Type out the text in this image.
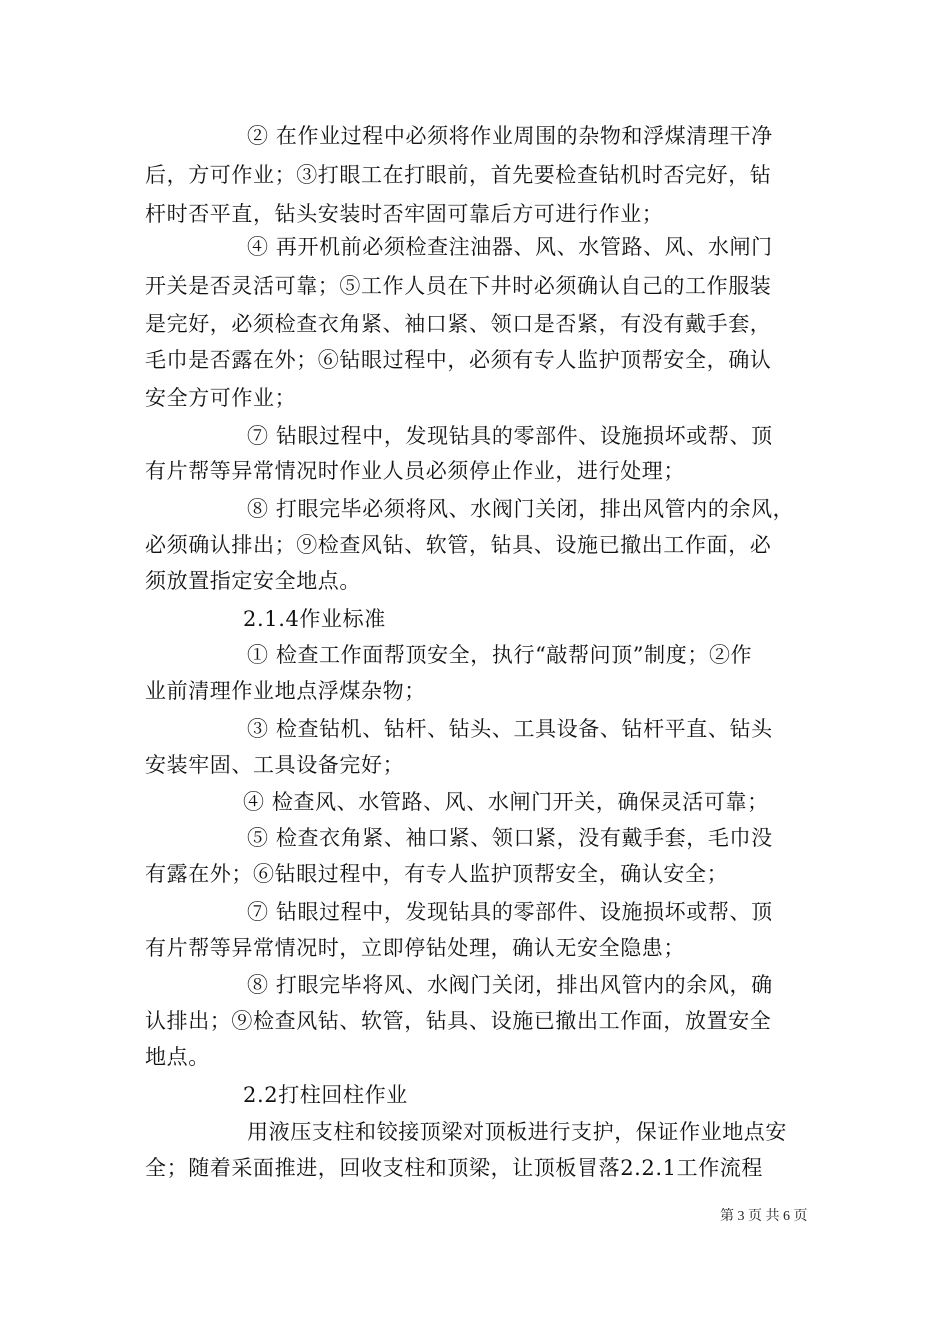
② 在作业过程中必须将作业周围的杂物和浮煤清理干净
后，方可作业；③打眼工在打眼前，首先要检查钻机时否完好，钻
杆时否平直，钻头安装时否牢固可靠后方可进行作业；
④ 再开机前必须检查注油器、风、水管路、风、水闸门
开关是否灵活可靠；⑤工作人员在下井时必须确认自己的工作服装
是完好，必须检查衣角紧、袖口紧、领口是否紧，有没有戴手套，
毛巾是否露在外；⑥钻眼过程中，必须有专人监护顶帮安全，确认
安全方可作业；
⑦ 钻眼过程中，发现钻具的零部件、设施损坏或帮、顶
有片帮等异常情况时作业人员必须停止作业，进行处理；
⑧ 打眼完毕必须将风、水阀门关闭，排出风管内的余风，
必须确认排出；⑨检查风钻、软管，钻具、设施已撤出工作面，必
须放置指定安全地点。
2.1.4作业标准
① 检查工作面帮顶安全，执行“敲帮问顶”制度；②作
业前清理作业地点浮煤杂物；
③ 检查钻机、钻杆、钻头、工具设备、钻杆平直、钻头
安装牢固、工具设备完好；
④ 检查风、水管路、风、水闸门开关，确保灵活可靠；
⑤ 检查衣角紧、袖口紧、领口紧，没有戴手套，毛巾没
有露在外；⑥钻眼过程中，有专人监护顶帮安全，确认安全；
⑦ 钻眼过程中，发现钻具的零部件、设施损坏或帮、顶
有片帮等异常情况时，立即停钻处理，确认无安全隐患；
⑧ 打眼完毕将风、水阀门关闭，排出风管内的余风，确
认排出；⑨检查风钻、软管，钻具、设施已撤出工作面，放置安全
地点。
2.2打柱回柱作业
用液压支柱和铰接顶梁对顶板进行支护，保证作业地点安
全；随着采面推进，回收支柱和顶梁，让顶板冒落2.2.1工作流程
第 3 页 共 6 页
